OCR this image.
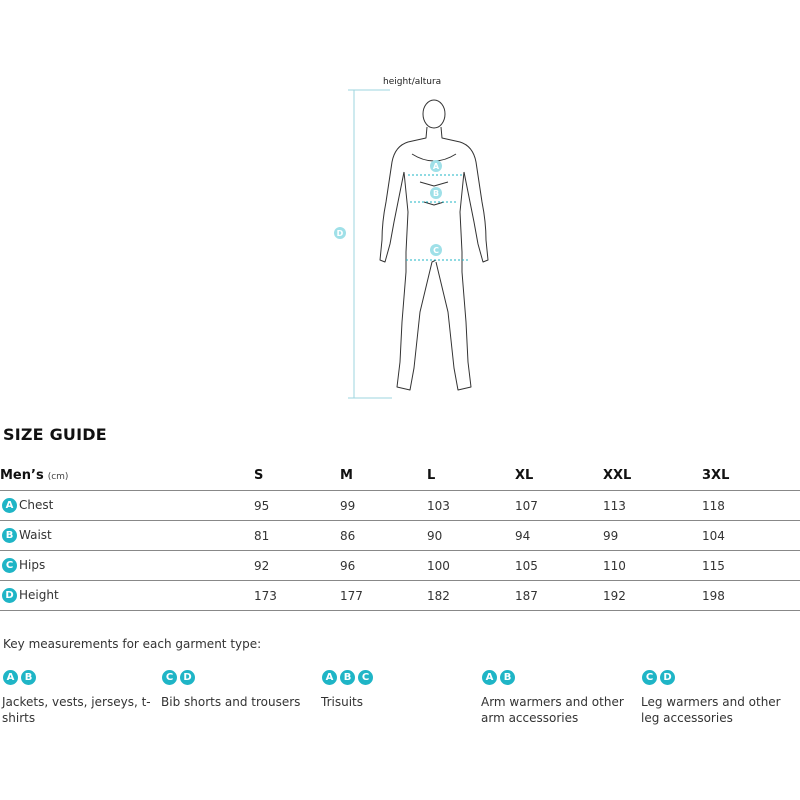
height/altura
A
B
C
D
SIZE GUIDE
Men’s (cm)	S	M	L	XL	XXL	3XL
A Chest	95	99	103	107	113	118
B Waist	81	86	90	94	99	104
C Hips	92	96	100	105	110	115
D Height	173	177	182	187	192	198
Key measurements for each garment type:
A B
Jackets, vests, jerseys, t-shirts
C D
Bib shorts and trousers
A B C
Trisuits
A B
Arm warmers and other arm accessories
C D
Leg warmers and other leg accessories
